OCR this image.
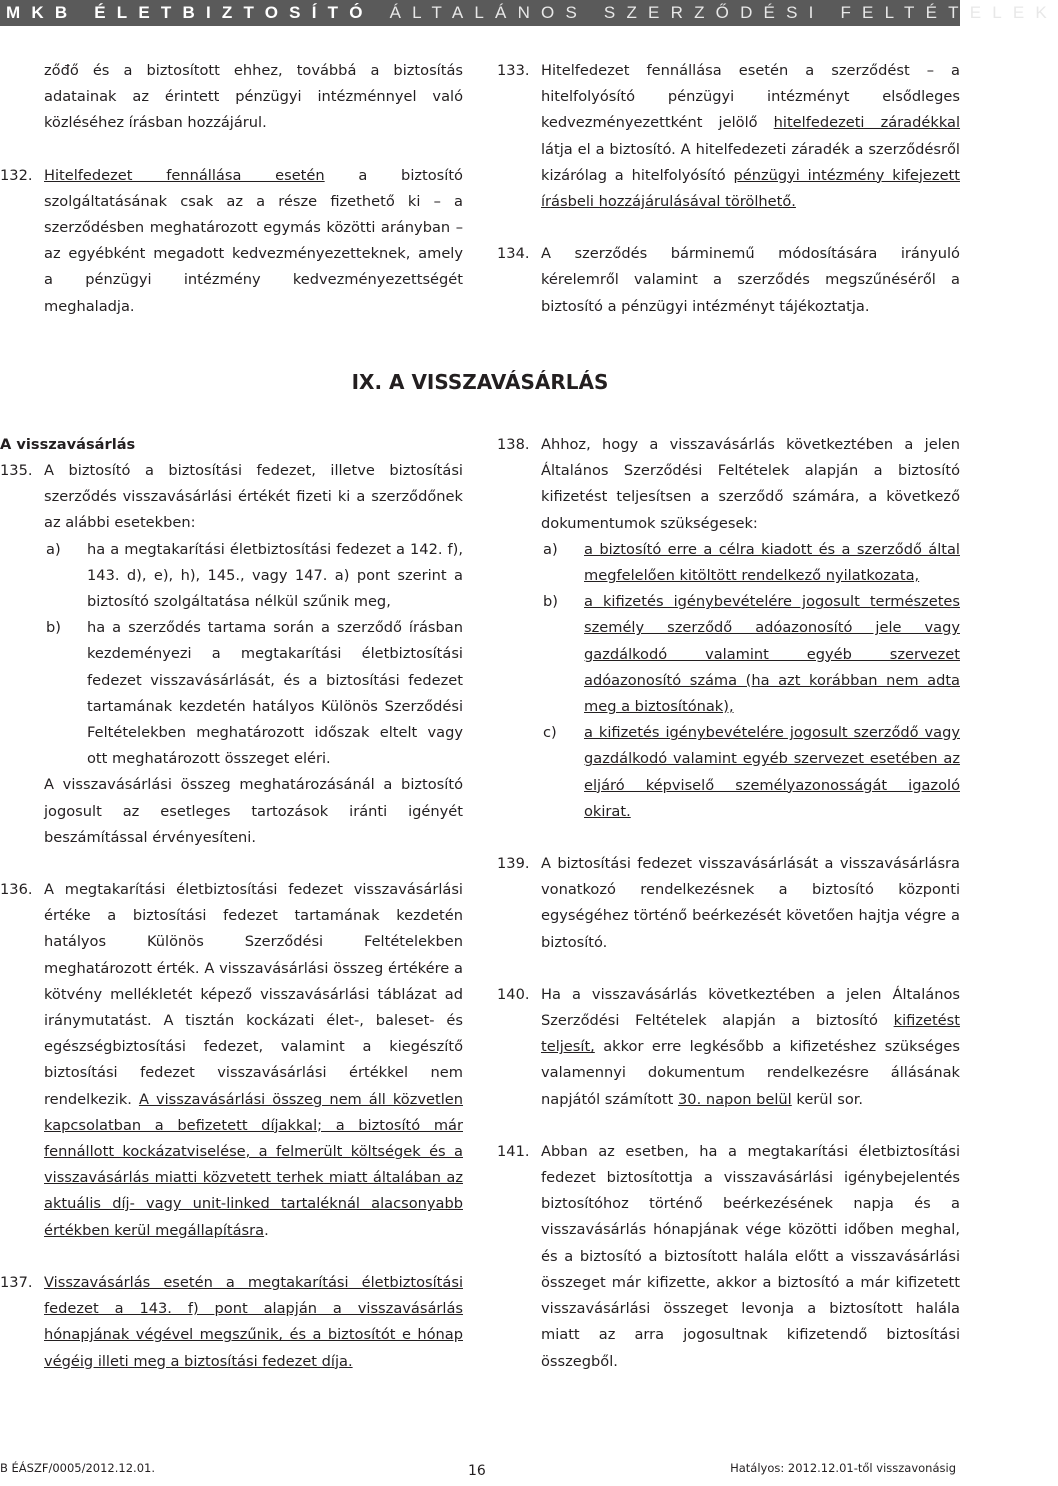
MKB ÉLETBIZTOSÍTÓ ÁLTALÁNOS SZERZŐDÉSI FELTÉTELEK

zőđő és a biztosított ehhez, továbbá a biztosítás adatainak az érintett pénzügyi intézménnyel való közléséhez írásban hozzájárul.

132. Hitelfedezet fennállása esetén a biztosító szolgáltatásának csak az a része fizethető ki – a szerződésben meghatározott egymás közötti arányban – az egyébként megadott kedvezményezetteknek, amely a pénzügyi intézmény kedvezményezettségét meghaladja.

133. Hitelfedezet fennállása esetén a szerződést – a hitelfolyósító pénzügyi intézményt elsődleges kedvezményezettként jelölő hitelfedezeti záradékkal látja el a biztosító. A hitelfedezeti záradék a szerződésről kizárólag a hitelfolyósító pénzügyi intézmény kifejezett írásbeli hozzájárulásával törölhető.

134. A szerződés bárminemű módosítására irányuló kérelemről valamint a szerződés megszűnéséről a biztosító a pénzügyi intézményt tájékoztatja.

IX. A VISSZAVÁSÁRLÁS
A visszavásárlás

135. A biztosító a biztosítási fedezet, illetve biztosítási szerződés visszavásárlási értékét fizeti ki a szerződőnek az alábbi esetekben:

a) ha a megtakarítási életbiztosítási fedezet a 142. f), 143. d), e), h), 145., vagy 147. a) pont szerint a biztosító szolgáltatása nélkül szűnik meg,

b) ha a szerződés tartama során a szerződő írásban kezdeményezi a megtakarítási életbiztosítási fedezet visszavásárlását, és a biztosítási fedezet tartamának kezdetén hatályos Különös Szerződési Feltételekben meghatározott időszak eltelt vagy ott meghatározott összeget eléri.

A visszavásárlási összeg meghatározásánál a biztosító jogosult az esetleges tartozások iránti igényét beszámítással érvényesíteni.

136. A megtakarítási életbiztosítási fedezet visszavásárlási értéke a biztosítási fedezet tartamának kezdetén hatályos Különös Szerződési Feltételekben meghatározott érték. A visszavásárlási összeg értékére a kötvény mellékletét képező visszavásárlási táblázat ad iránymutatást. A tisztán kockázati élet-, baleset- és egészségbiztosítási fedezet, valamint a kiegészítő biztosítási fedezet visszavásárlási értékkel nem rendelkezik. A visszavásárlási összeg nem áll közvetlen kapcsolatban a befizetett díjakkal; a biztosító már fennállott kockázatviselése, a felmerült költségek és a visszavásárlás miatti közvetett terhek miatt általában az aktuális díj- vagy unit-linked tartaléknál alacsonyabb értékben kerül megállapításra.

137. Visszavásárlás esetén a megtakarítási életbiztosítási fedezet a 143. f) pont alapján a visszavásárlás hónapjának végével megszűnik, és a biztosítót e hónap végéig illeti meg a biztosítási fedezet díja.

138. Ahhoz, hogy a visszavásárlás következtében a jelen Általános Szerződési Feltételek alapján a biztosító kifizetést teljesítsen a szerződő számára, a következő dokumentumok szükségesek:

a) a biztosító erre a célra kiadott és a szerződő által megfelelően kitöltött rendelkező nyilatkozata,

b) a kifizetés igénybevételére jogosult természetes személy szerződő adóazonosító jele vagy gazdálkodó valamint egyéb szervezet adóazonosító száma (ha azt korábban nem adta meg a biztosítónak),

c) a kifizetés igénybevételére jogosult szerződő vagy gazdálkodó valamint egyéb szervezet esetében az eljáró képviselő személyazonosságát igazoló okirat.

139. A biztosítási fedezet visszavásárlását a visszavásárlásra vonatkozó rendelkezésnek a biztosító központi egységéhez történő beérkezését követően hajtja végre a biztosító.

140. Ha a visszavásárlás következtében a jelen Általános Szerződési Feltételek alapján a biztosító kifizetést teljesít, akkor erre legkésőbb a kifizetéshez szükséges valamennyi dokumentum rendelkezésre állásának napjától számított 30. napon belül kerül sor.

141. Abban az esetben, ha a megtakarítási életbiztosítási fedezet biztosítottja a visszavásárlási igénybejelentés biztosítóhoz történő beérkezésének napja és a visszavásárlás hónapjának vége közötti időben meghal, és a biztosító a biztosított halála előtt a visszavásárlási összeget már kifizette, akkor a biztosító a már kifizetett visszavásárlási összeget levonja a biztosított halála miatt az arra jogosultnak kifizetendő biztosítási összegből.

B ÉÁSZF/0005/2012.12.01.	16	Hatályos: 2012.12.01-től visszavonásig
